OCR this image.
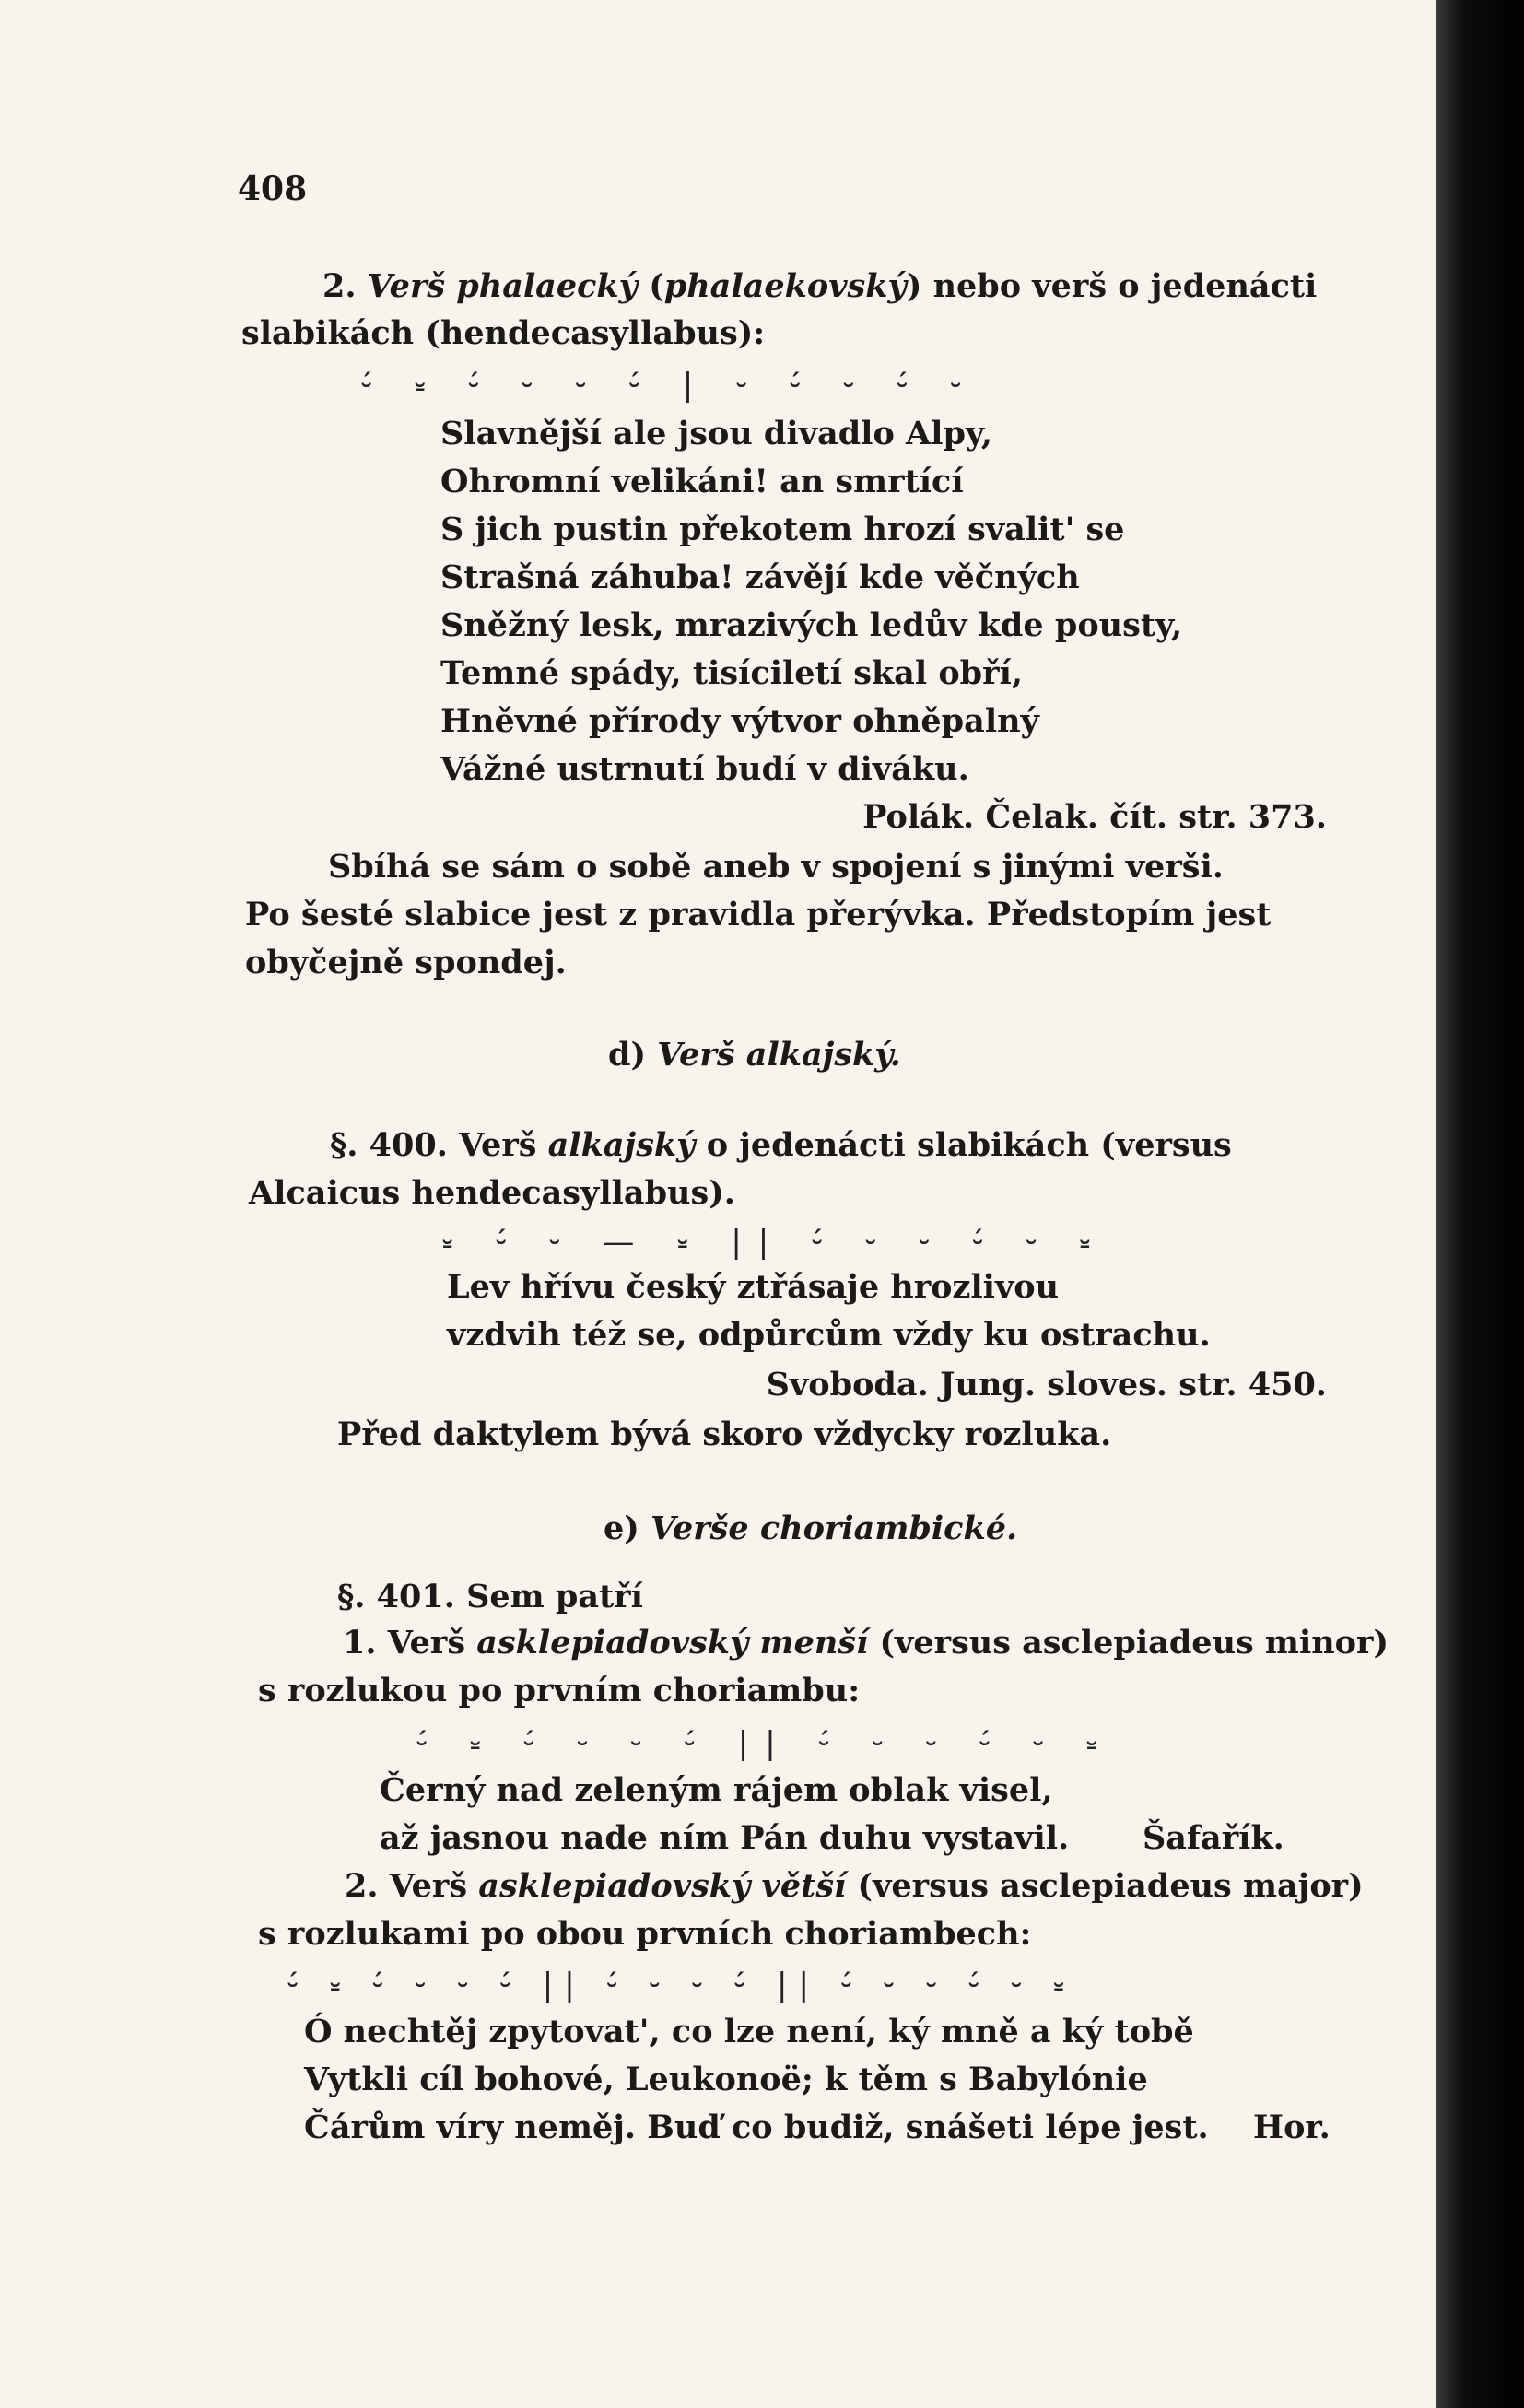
408
2. Verš phalaecký (phalaekovský) nebo verš o jedenácti
slabikách (hendecasyllabus):
⏑́ ⏓ ⏑́ ⏑ ⏑ ⏑́ | ⏑ ⏑́ ⏑ ⏑́ ⏑
Slavnější ale jsou divadlo Alpy,
Ohromní velikáni! an smrtící
S jich pustin překotem hrozí svalit' se
Strašná záhuba! závějí kde věčných
Sněžný lesk, mrazivých ledův kde pousty,
Temné spády, tisíciletí skal obří,
Hněvné přírody výtvor ohněpalný
Vážné ustrnutí budí v diváku.
Polák. Čelak. čít. str. 373.
Sbíhá se sám o sobě aneb v spojení s jinými verši.
Po šesté slabice jest z pravidla přerývka. Předstopím jest
obyčejně spondej.
d) Verš alkajský.
§. 400. Verš alkajský o jedenácti slabikách (versus
Alcaicus hendecasyllabus).
⏓ ⏑́ ⏑ — ⏓ || ⏑́ ⏑ ⏑ ⏑́ ⏑ ⏓
Lev hřívu český ztřásaje hrozlivou
vzdvih též se, odpůrcům vždy ku ostrachu.
Svoboda. Jung. sloves. str. 450.
Před daktylem bývá skoro vždycky rozluka.
e) Verše choriambické.
§. 401. Sem patří
1. Verš asklepiadovský menší (versus asclepiadeus minor)
s rozlukou po prvním choriambu:
⏑́ ⏓ ⏑́ ⏑ ⏑ ⏑́ || ⏑́ ⏑ ⏑ ⏑́ ⏑ ⏓
Černý nad zeleným rájem oblak visel,
až jasnou nade ním Pán duhu vystavil. Šafařík.
2. Verš asklepiadovský větší (versus asclepiadeus major)
s rozlukami po obou prvních choriambech:
⏑́ ⏓ ⏑́ ⏑ ⏑ ⏑́ || ⏑́ ⏑ ⏑ ⏑́ || ⏑́ ⏑ ⏑ ⏑́ ⏑ ⏓
Ó nechtěj zpytovat', co lze není, ký mně a ký tobě
Vytkli cíl bohové, Leukonoë; k těm s Babylónie
Čárům víry neměj. Buď co budiž, snášeti lépe jest. Hor.
